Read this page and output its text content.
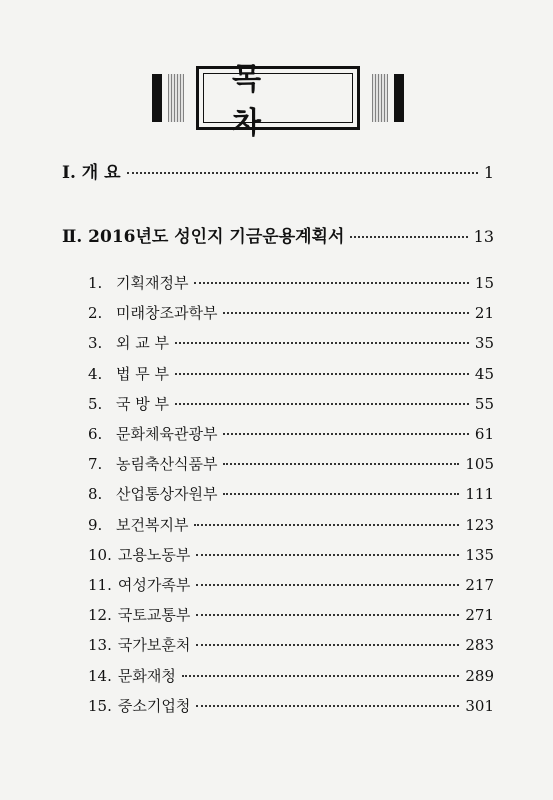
목 차
Ⅰ. 개 요	1
Ⅱ. 2016년도 성인지 기금운용계획서	13
1. 기획재정부	15
2. 미래창조과학부	21
3. 외 교 부	35
4. 법 무 부	45
5. 국 방 부	55
6. 문화체육관광부	61
7. 농림축산식품부	105
8. 산업통상자원부	111
9. 보건복지부	123
10. 고용노동부	135
11. 여성가족부	217
12. 국토교통부	271
13. 국가보훈처	283
14. 문화재청	289
15. 중소기업청	301
